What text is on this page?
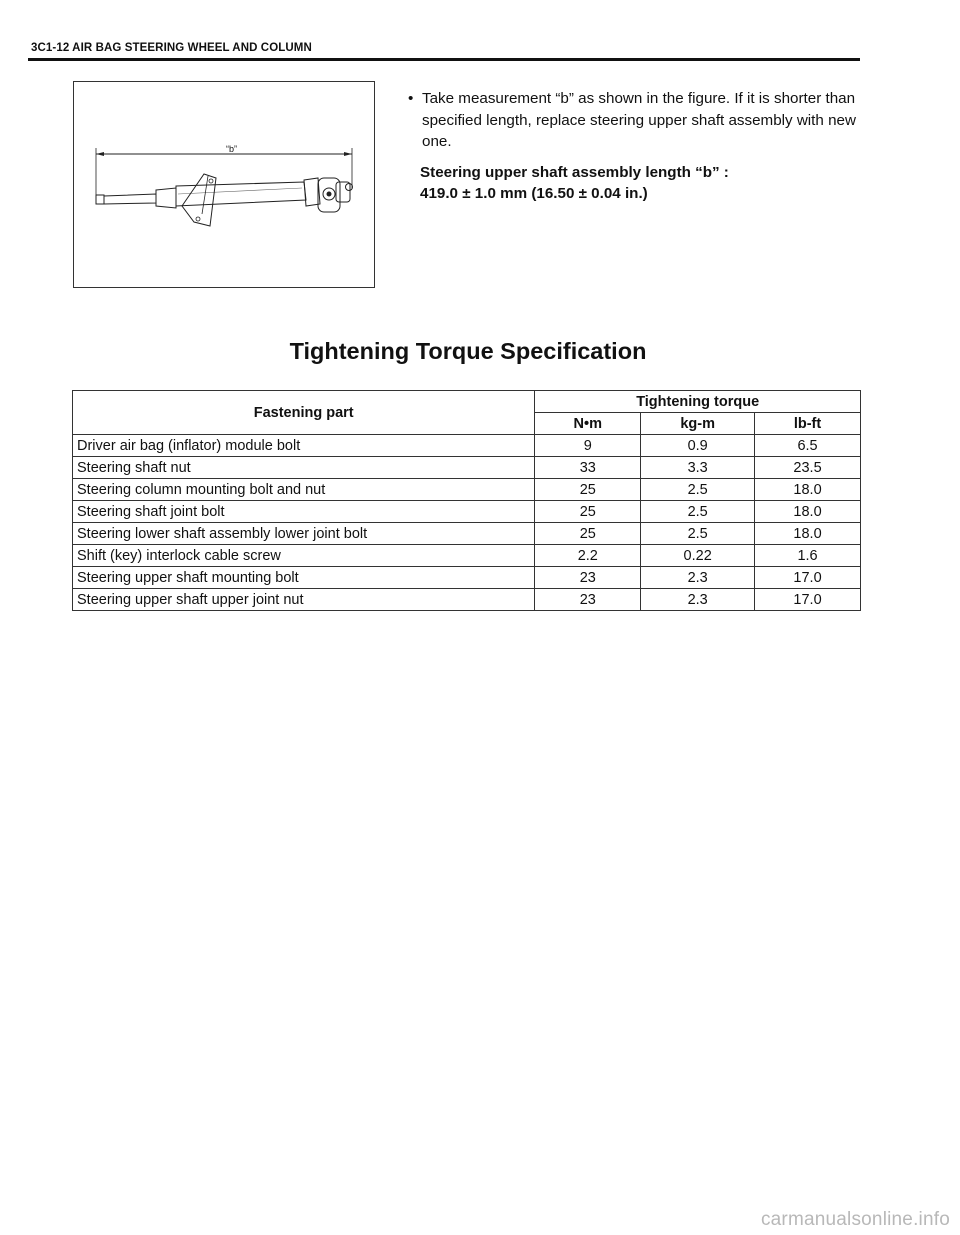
3C1-12 AIR BAG STEERING WHEEL AND COLUMN
“b”
• Take measurement “b” as shown in the figure. If it is shorter than specified length, replace steering upper shaft assembly with new one.
Steering upper shaft assembly length “b” :
419.0 ± 1.0 mm (16.50 ± 0.04 in.)
Tightening Torque Specification
Fastening part	Tightening torque		
	N•m	kg-m	lb-ft
Driver air bag (inflator) module bolt	9	0.9	6.5
Steering shaft nut	33	3.3	23.5
Steering column mounting bolt and nut	25	2.5	18.0
Steering shaft joint bolt	25	2.5	18.0
Steering lower shaft assembly lower joint bolt	25	2.5	18.0
Shift (key) interlock cable screw	2.2	0.22	1.6
Steering upper shaft mounting bolt	23	2.3	17.0
Steering upper shaft upper joint nut	23	2.3	17.0
carmanualsonline.info
